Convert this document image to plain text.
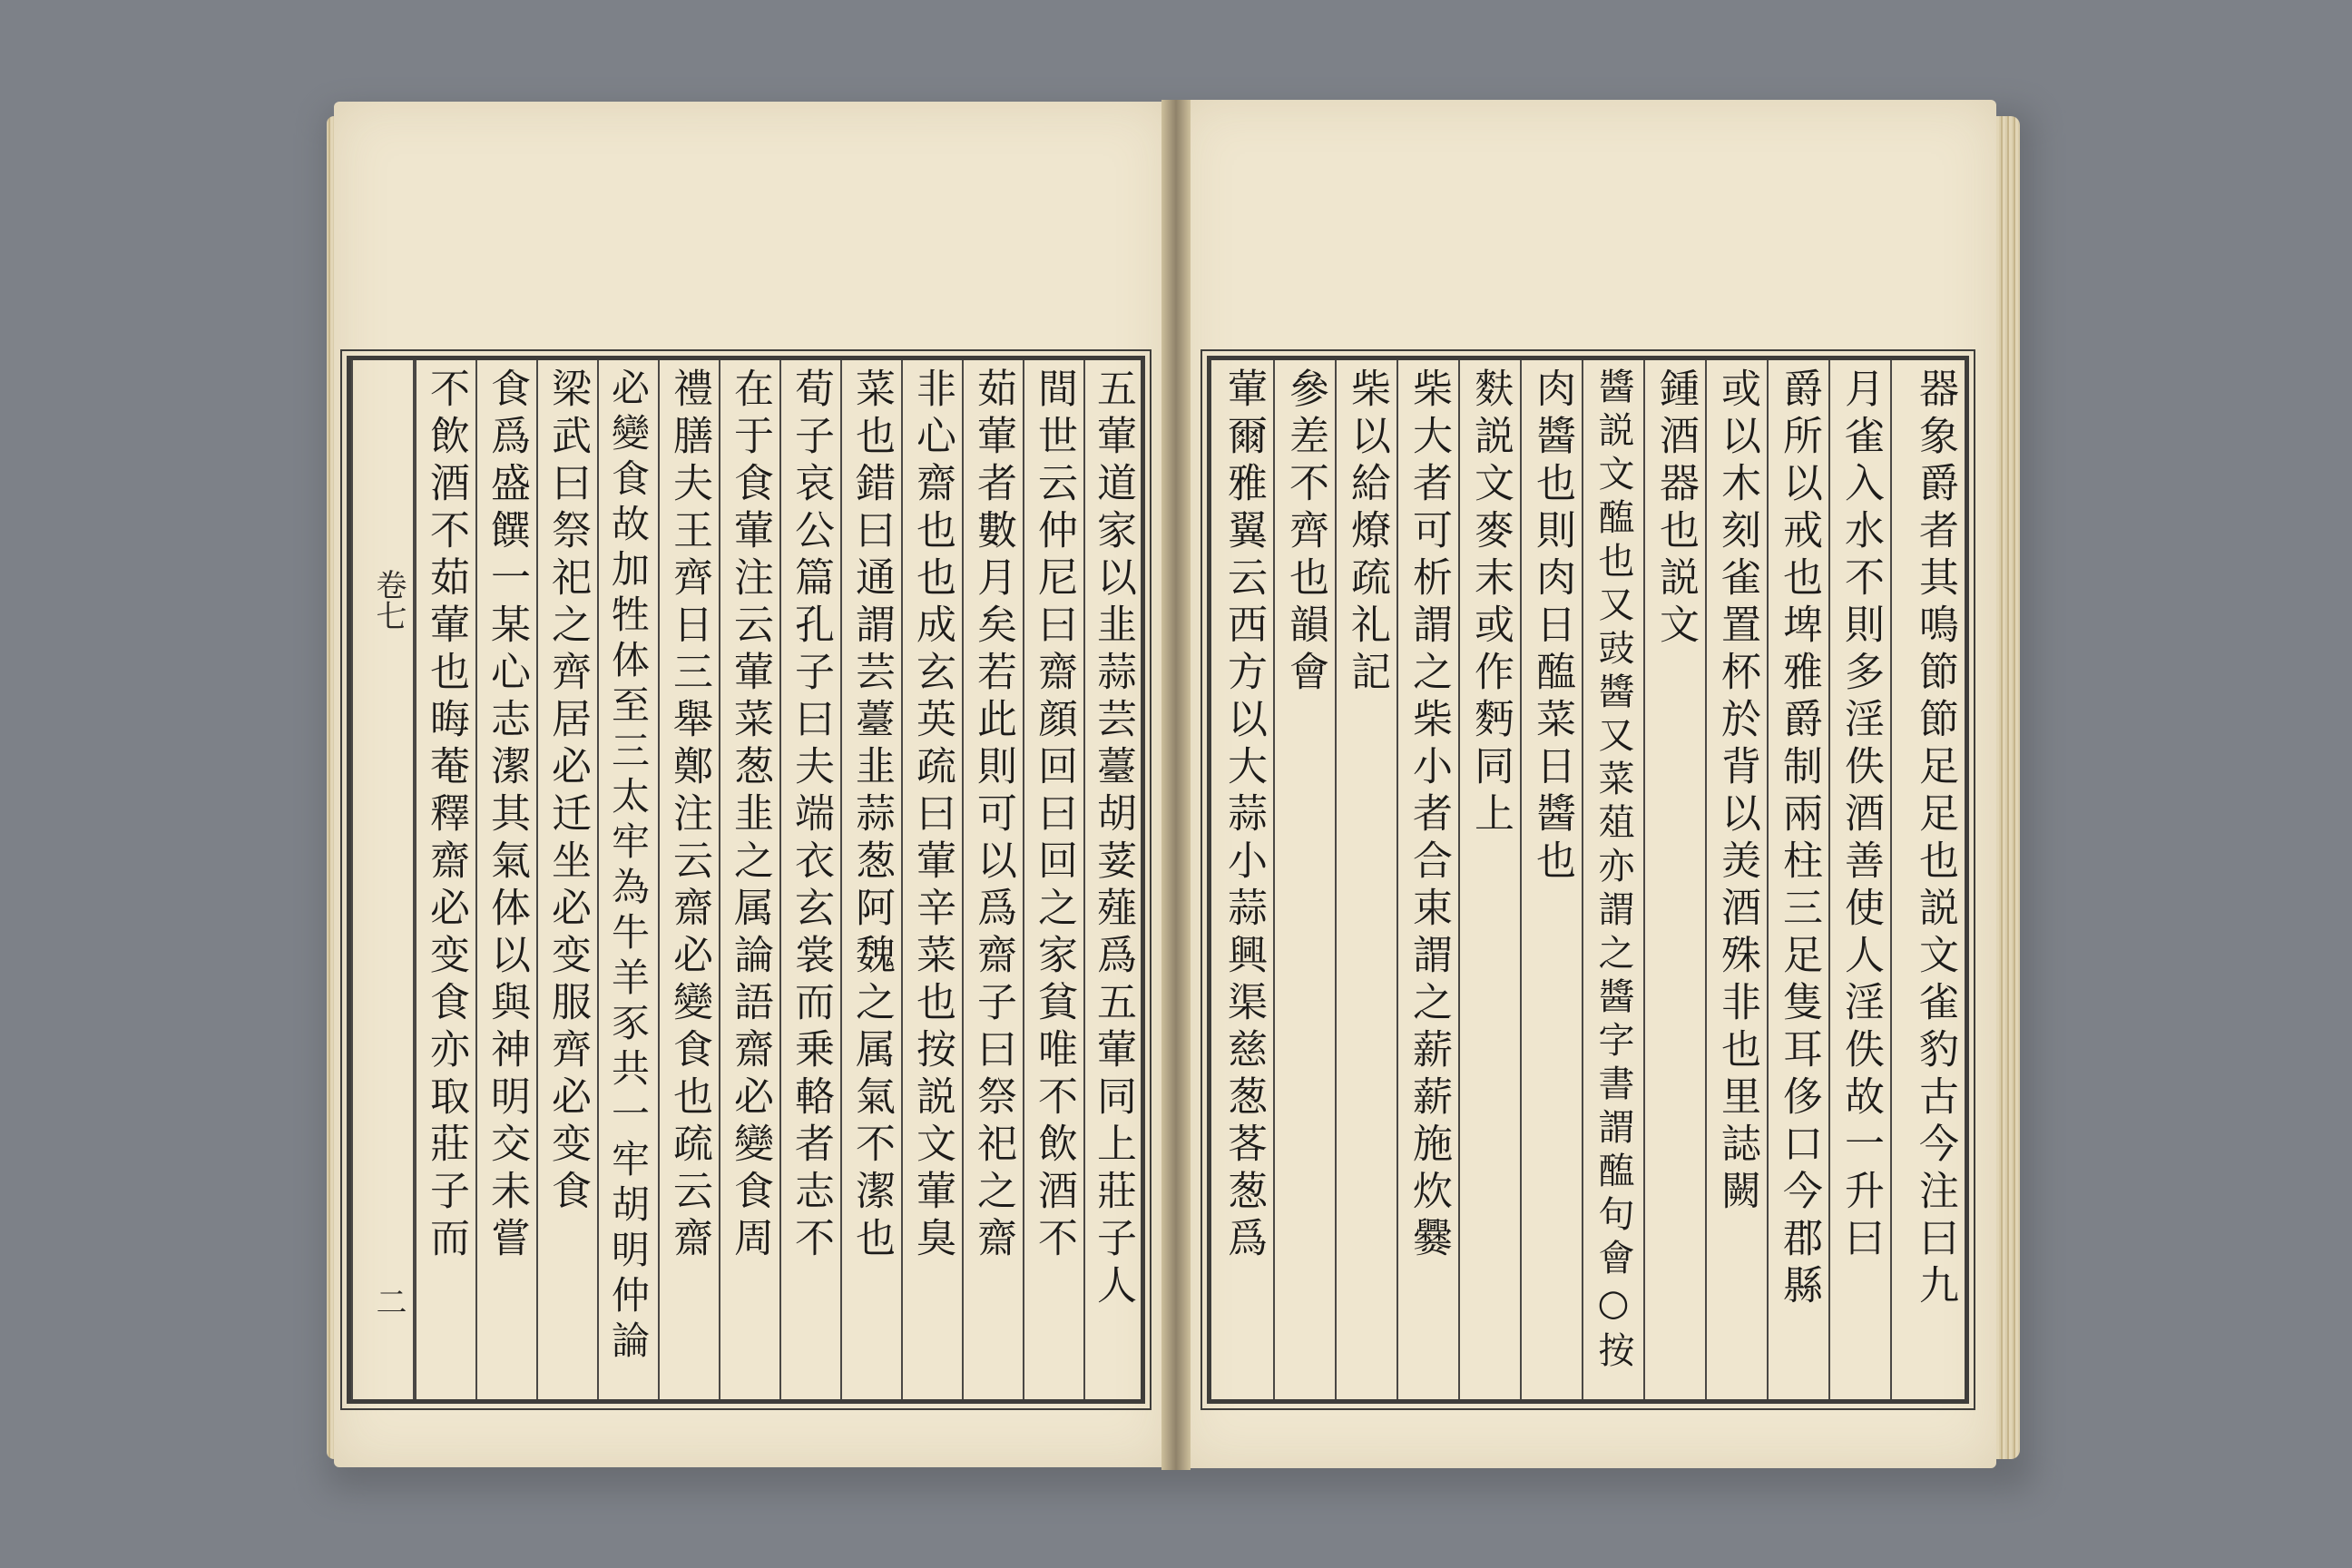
卷七
二
不飲酒不茹葷也晦菴釋齋必变食亦取莊子而 食爲盛饌一某心志潔其氣体以與神明交未嘗 梁武曰祭祀之齊居必迁坐必变服齊必变食 必變食故加牲体至三太牢為牛羊豕共一牢胡明仲論 禮膳夫王齊日三舉鄭注云齋必變食也疏云齋 在于食葷注云葷菜葱韭之属論語齋必變食周 荀子哀公篇孔子曰夫端衣玄裳而乗輅者志不 菜也錯曰通謂芸薹韭蒜葱阿魏之属氣不潔也 非心齋也也成玄英疏曰葷辛菜也按説文葷臭 茹葷者數月矣若此則可以爲齋子曰祭祀之齋 間世云仲尼曰齋顔回曰回之家貧唯不飲酒不 五葷道家以韭蒜芸薹胡荽薤爲五葷同上莊子人 葷爾雅翼云西方以大蒜小蒜興渠慈葱茖葱爲 參差不齊也韻會 柴以給燎疏礼記 柴大者可析謂之柴小者合束謂之薪薪施炊爨 麩説文麥末或作麪同上 肉醬也則肉日醢菜日醬也 醬説文醢也又豉醬又菜葅亦謂之醬字書謂醢句會○按 鍾酒器也説文 或以木刻雀置杯於背以羙酒殊非也里誌闕 爵所以戒也埤雅爵制兩柱三足隻耳侈口今郡縣 月雀入水不則多淫佚酒善使人淫佚故一升曰 器象爵者其鳴節節足足也説文雀豹古今注曰九
